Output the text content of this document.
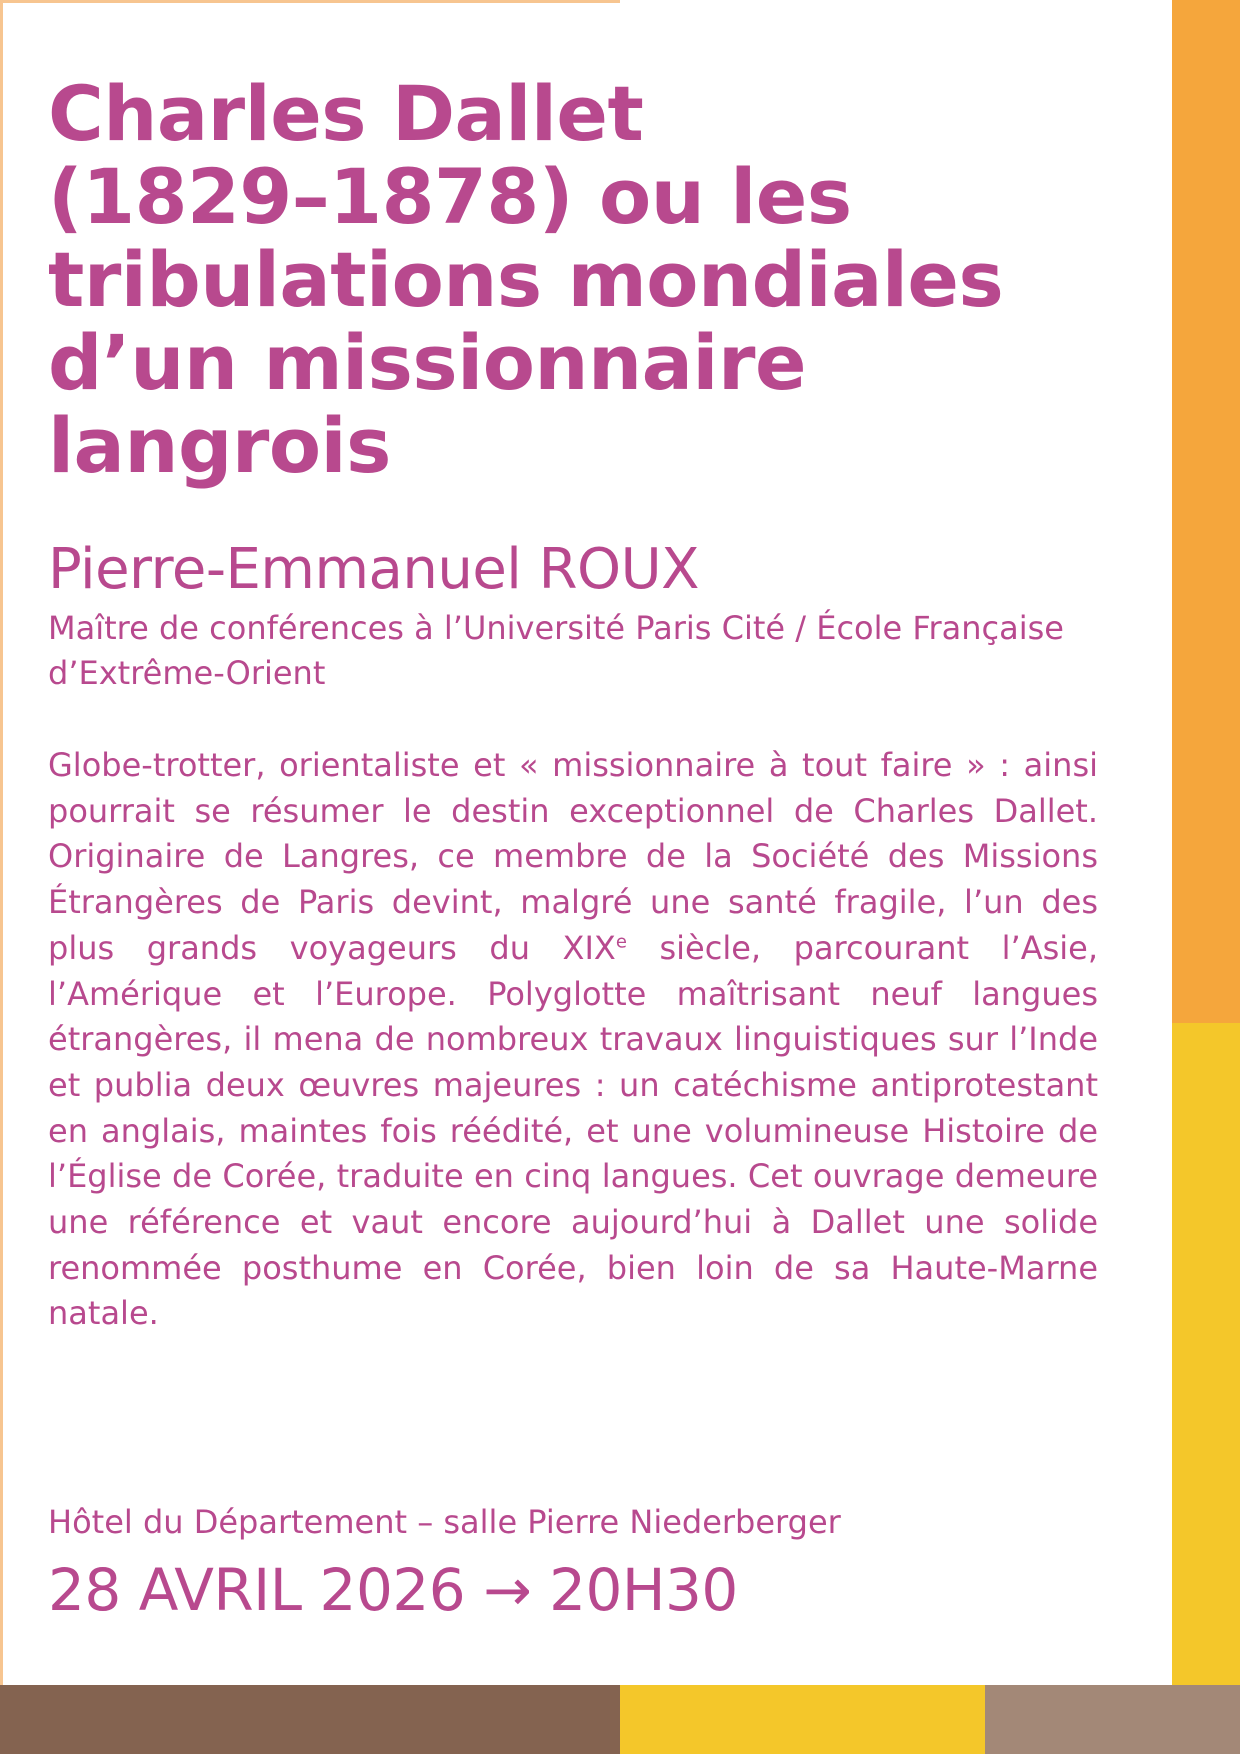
Charles Dallet
(1829–1878) ou les
tribulations mondiales
d’un missionnaire
langrois

Pierre-Emmanuel ROUX

Maître de conférences à l’Université Paris Cité / École Française d’Extrême-Orient

Globe-trotter, orientaliste et « missionnaire à tout faire » : ainsi pourrait se résumer le destin exceptionnel de Charles Dallet. Originaire de Langres, ce membre de la Société des Missions Étrangères de Paris devint, malgré une santé fragile, l’un des plus grands voyageurs du XIXe siècle, parcourant l’Asie, l’Amérique et l’Europe. Polyglotte maîtrisant neuf langues étrangères, il mena de nombreux travaux linguistiques sur l’Inde et publia deux œuvres majeures : un catéchisme antiprotestant en anglais, maintes fois réédité, et une volumineuse Histoire de l’Église de Corée, traduite en cinq langues. Cet ouvrage demeure une référence et vaut encore aujourd’hui à Dallet une solide renommée posthume en Corée, bien loin de sa Haute-Marne natale.

Hôtel du Département – salle Pierre Niederberger

28 AVRIL 2026 → 20H30
